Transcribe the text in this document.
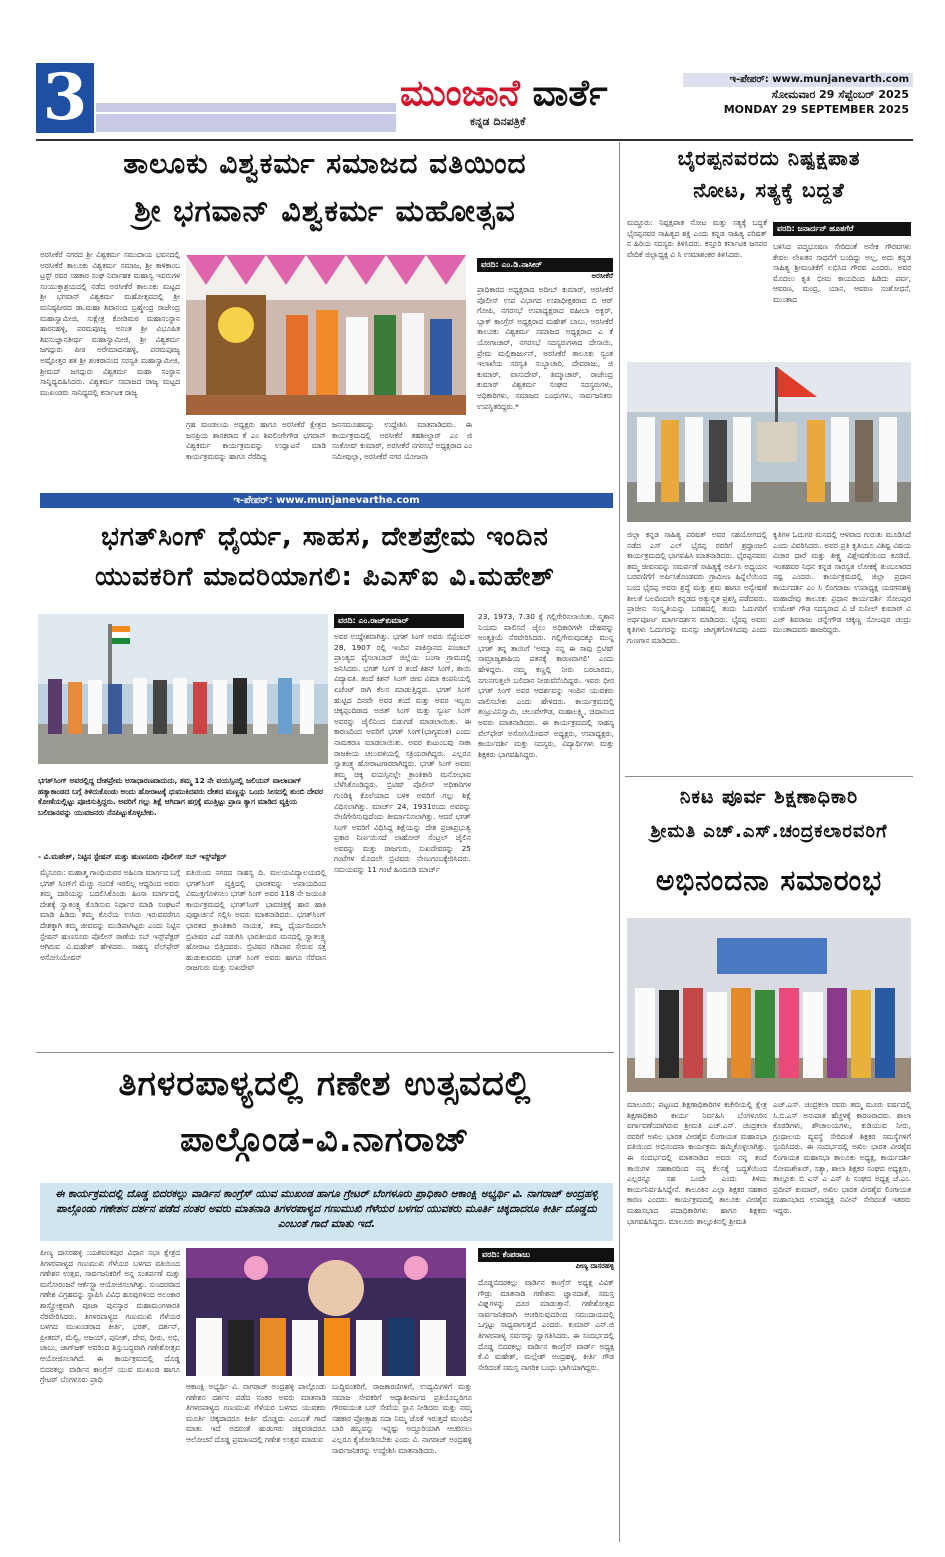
3	ಮುಂಜಾನೆ ವಾರ್ತೆ
ಕನ್ನಡ ದಿನಪತ್ರಿಕೆ
ಇ-ಪೇಪರ್: www.munjanevarth.com
ಸೋಮವಾರ 29 ಸೆಪ್ಟೆಂಬರ್ 2025
MONDAY 29 SEPTEMBER 2025
ತಾಲೂಕು ವಿಶ್ವಕರ್ಮ ಸಮಾಜದ ವತಿಯಿಂದ
ಶ್ರೀ ಭಗವಾನ್ ವಿಶ್ವಕರ್ಮ ಮಹೋತ್ಸವ
ಅರಸೀಕೆರೆ ನಗರದ ಶ್ರೀ ವಿಶ್ವಕರ್ಮ ಸಮುದಾಯ ಭವನದಲ್ಲಿ ಅರಸೀಕೆರೆ ತಾಲೂಕು ವಿಶ್ವಕರ್ಮ ಸಮಾಜ, ಶ್ರೀ ಕಾಳಿಕಾಂಬ ಟ್ರಸ್ಟ್ ರವರ ಸಹಕಾರ ಸಂಘ ನಿರ್ವಾಹಕ ಮಹಾಸ್ವ ಇವರುಗಳ ಸಂಯುಕ್ತಾಶ್ರಯದಲ್ಲಿ ನಡೆದ ಅರಸೀಕೆರೆ ತಾಲೂಕು ಮಟ್ಟದ ಶ್ರೀ ಭಗವಾನ್ ವಿಶ್ವಕರ್ಮ ಮಹೋತ್ಸವದಲ್ಲಿ ಶ್ರೀ ಮನಿಷ್ಠಪೀಠದ ಡಾ.ಮಹಾ ಶಿವಾನಂದ ಬ್ರಹ್ಮೇಂದ್ರ ರಾಜೇಂದ್ರ ಮಹಾಸ್ವಾಮೀಜಿ, ಸುಕ್ಷೇತ್ರ ಕೋಡಿಮಠ ಮಹಾಸಂಸ್ಥಾನ ಹಾರನಹಳ್ಳಿ, ಪರಮಪೂಜ್ಯ ಅನಂತ ಶ್ರೀ ವಿಭೂಷಿತ ಶಿವಸುಜ್ಞಾನತೀರ್ಥ ಮಹಾಸ್ವಾಮೀಜಿ, ಶ್ರೀ ವಿಶ್ವಕರ್ಮ ಜಗದ್ಗುರು ಪೀಠ ಅರೇಮಾದನಹಳ್ಳಿ, ಪರಮಪೂಜ್ಯ ಅಷ್ಟೋತ್ತರ ಶತ ಶ್ರೀ ಶಂಕರಾನಂದ ಸರಸ್ವತಿ ಮಹಾಸ್ವಾಮೀಜಿ, ಶ್ರೀಮದ್ ಜಗದ್ಗುರು ವಿಶ್ವಕರ್ಮ ಮಹಾ ಸಂಸ್ಥಾನ ಸಾನ್ನಿಧ್ಯವಹಿಸಿದರು. ವಿಶ್ವಕರ್ಮ ಸಮಾಜದ ರಾಜ್ಯ ಮಟ್ಟದ ಮುಖಂಡರು ಸಾನಿಧ್ಯದಲ್ಲಿ ಕರ್ನಾಟಕ ರಾಜ್ಯ
ಗ್ರಹ ಮಂಡಲಯ ಅಧ್ಯಕ್ಷರು ಹಾಗೂ ಅರಸೀಕೆರೆ ಕ್ಷೇತ್ರದ ಜನಪ್ರಿಯ ಶಾಸಕರಾದ ಕೆ ಎಂ ಶಿವಲಿಂಗೇಗೌಡ ಭಗವಾನ್ ವಿಶ್ವಕರ್ಮ ಕಾರ್ಯಕ್ರಮವನ್ನು ಉದ್ಘಾಟನೆ ಮಾಡಿ ಕಾರ್ಯಕ್ರಮವನ್ನು ಹಾಗೂ ನೆರೆದಿದ್ದ
ಜನಸಮೂಹವನ್ನು ಉದ್ದೇಶಿಸಿ ಮಾತನಾಡಿದರು. ಈ ಕಾರ್ಯಕ್ರಮದಲ್ಲಿ ಅರಸೀಕೆರೆ ತಹಶೀಲ್ದಾರ್ ಎಂ ಜಿ ಸಂತೋಷ್ ಕುಮಾರ್, ಅರಸೀಕೆರೆ ನಗರಸಭೆ ಅಧ್ಯಕ್ಷರಾದ ಎಂ ಸಮೀವುಲ್ಲಾ, ಅರಸೀಕೆರೆ ನಗರ ಯೋಜನಾ
ವರದಿ: ಎಂ.ಡಿ.ನಾಸೀರ್
ಅರಸೀಕೆರೆ
ಪ್ರಾಧಿಕಾರದ ಅಧ್ಯಕ್ಷರಾದ ಅದೀಬ್ ಕುಮಾರ್, ಅರಸೀಕೆರೆ ಪೊಲೀಸ್ ಉಪ ವಿಭಾಗದ ಉಪಾಧೀಕ್ಷಕರಾದ ಬಿ ಆರ್ ಗೋಪಿ, ನಗರಸಭೆ ಉಪಾಧ್ಯಕ್ಷರಾದ ವಹೀಬಾ ಅಕ್ಬರ್, ಬ್ಲಾಕ್ ಕಾಂಗ್ರೆಸ್ ಅಧ್ಯಕ್ಷರಾದ ಮಹೇಶ್ ಬಾಬು, ಅರಸೀಕೆರೆ ತಾಲೂಕು ವಿಶ್ವಕರ್ಮ ಸಮಾಜದ ಅಧ್ಯಕ್ಷರಾದ ಎ ಕೆ ಯೋಗಾಚಾರ್, ನಗರಸಭೆ ಸದಸ್ಯರುಗಳಾದ ದೇಸಾಯಿ, ಪ್ರೇಮ ಮಲ್ಲಿಕಾರ್ಜುನ್, ಅರಸೀಕೆರೆ ತಾಲೂಕು ಸ್ವಂತ ಇಲಾಖೆಯ ಸರಸ್ವತಿ ಸುಬ್ಬಾಚಾರಿ, ದೇವರಾಜು, ಜಿ ಕುಮಾರ್, ವಾಸುದೇವ್, ತಿಮ್ಮಾಚಾರ್, ರಾಜೇಂದ್ರ ಕುಮಾರ್ ವಿಶ್ವಕರ್ಮ ಸಂಘದ ಸದಸ್ಯರುಗಳು, ಅಧಿಕಾರಿಗಳು, ಸಮಾಜದ ಬಂಧುಗಳು, ಸಾರ್ವಜನಿಕರು ಉಪಸ್ಥಿತರಿದ್ದರು.*
ಇ-ಪೇಪರ್: www.munjanevarthe.com
ಭಗತ್‌ಸಿಂಗ್ ಧೈರ್ಯ, ಸಾಹಸ, ದೇಶಪ್ರೇಮ ಇಂದಿನ
ಯುವಕರಿಗೆ ಮಾದರಿಯಾಗಲಿ: ಪಿಎಸ್ಐ ವಿ.ಮಹೇಶ್
ಭಗತ್‌ಸಿಂಗ್ ಅವರಲ್ಲಿದ್ದ ದೇಶಪ್ರೇಮ ಅಸಾಧಾರಣವಾದುದು, ತಮ್ಮ 12 ನೇ ವಯಸ್ಸಿನಲ್ಲಿ ಜಲಿಯನ್ ವಾಲಾಬಾಗ್ ಹತ್ಯಾಕಾಂಡದ ಬಗ್ಗೆ ತಿಳಿದುಕೊಂಡು ಅಂದು ಹೋರಾಟಕ್ಕೆ ಧುಮುಕಿದವರು ದೇಶದ ಮಣ್ಣನ್ನು ಒಂದು ಸೀಸದಲ್ಲಿ ತುಂಬಿ ದೇವರ ಕೋಣೆಯಲ್ಲಿಟ್ಟು ಪೂಜಿಸುತ್ತಿದ್ದರು. ಅವರಿಗೆ ಗಲ್ಲು ಶಿಕ್ಷೆ ಆಗಿದಾಗ ಹಗ್ಗಕ್ಕೆ ಮುತ್ತಿಟ್ಟು ಪ್ರಾಣ ತ್ಯಾಗ ಮಾಡಿದ ವ್ಯಕ್ತಿಯ ಬಲಿದಾನವನ್ನು ಯುವಜನರು ನೆನಪಿಟ್ಟುಕೊಳ್ಳಬೇಕು.
- ವಿ.ಮಹೇಶ್, ನಿಟ್ಟಿನ ಸ್ಟೇಷನ್ ಮತ್ತು ಹುಣಸೂರು ಪೊಲೀಸ್ ಸಬ್ ಇನ್ಸ್‌ಪೆಕ್ಟರ್
ಮೈಸೂರು: ಮಹಾತ್ಮ ಗಾಂಧಿಯವರ ಅಹಿಂಸಾ ಮಾರ್ಗದ ಬಗ್ಗೆ ಭಗತ್ ಸಿಂಗ್‌ಗೆ ಮೆಚ್ಚು ನಂಬಿಕೆ ಇರಲಿಲ್ಲ ಆದ್ದರಿಂದ ಅವರು ತಮ್ಮ ದಾರಿಯನ್ನು ಬದಲಿಸಿಕೊಂಡು ಹಿಂಸಾ ಮಾರ್ಗದಲ್ಲಿ ದೇಶಕ್ಕೆ ಸ್ವಾತಂತ್ರ್ಯ ಕೊಡಿಸುವ ನಿರ್ಧಾರ ಮಾಡಿ ಸಂಘಟನೆ ಮಾಡಿ ಹಿಡಿದು ತಮ್ಮ ಕೊನೆಯ ಉಸಿರು ಇರುವವರೆಗೂ ದೇಶಕ್ಕಾಗಿ ತಮ್ಮ ಜೀವವನ್ನು ಮುಡಿಪಾಗಿಟ್ಟರು ಎಂದು ನಿಟ್ಟಿನ ಸ್ಟೇಷನ್ ಹುಣಸೂರು ಪೊಲೀಸ್ ಠಾಣೆಯ ಸಬ್ ಇನ್ಸ್‌ಪೆಕ್ಟರ್ ಆಗಿರುವ ವಿ.ಮಹೇಶ್ ಹೇಳಿದರು. ಸಾಹಸ್ಯ ವೆಲ್‌ಫೇರ್ ಅಸೋಸಿಯೇಷನ್
ವತಿಯಿಂದ ನಗರದ ಸಾಹಸ್ಯ ದಿ. ಮಲಯವಿದ್ಯಾಲಯದಲ್ಲಿ ಭಗತ್‌ಸಿಂಗ್ ವ್ಯಕ್ತಿದಲ್ಲಿ ಭಾರತವನ್ನು ಅಪಾಯದಿಂದ ವಿಮುಕ್ತಗೊಳಿಸಲು ಭಗತ್ ಸಿಂಗ್ ಅವರ 118 ನೇ ಜಯಂತಿ ಕಾರ್ಯಕ್ರಮದಲ್ಲಿ ಭಗತ್‌ಸಿಂಗ್ ಭಾವಚಿತ್ರಕ್ಕೆ ಹಾರ ಹಾಕಿ ಪುಷ್ಪಾರ್ಚನೆ ಸಲ್ಲಿಸಿ ಅವರು ಮಾತನಾಡಿದರು. ಭಗತ್‌ಸಿಂಗ್ ಭಾರತದ ಕ್ರಾಂತಿಕಾರಿ ನಾಯಕ, ತಮ್ಮ ಧೈರ್ಯದಿಂದಲೇ ಬ್ರಿಟೀಷರ ಎದೆ ನಡುಗಿಸಿ ಭಾರತೀಯರ ಮನದಲ್ಲಿ ಸ್ವಾತಂತ್ರ್ಯ ಹೋರಾಟ ಬಿತ್ತಿದವರು. ಬ್ರಿಟಿಷರ ಗಡಿಪಾರ ಸೇರುವ ಸತ್ತ ಹುಡುಕುವವರು ಭಗತ್ ಸಿಂಗ್ ಅವರು ಹಾಗೂ ಸೆರೆವಾಸ ರಾಜಗುರು ಮತ್ತು ಸುಖದೇವ್
ವರದಿ: ಎಂ.ರಾಜ್‌ಕುಮಾರ್
ಅವರ ಉದ್ದೇಶವಾಗಿತ್ತು. ಭಗತ್ ಸಿಂಗ್ ಅವರು ಸೆಪ್ಟೆಂಬರ್ 28, 1907 ರಲ್ಲಿ ಇಂದಿನ ಪಾಕಿಸ್ತಾನದ ಪಂಜಾಬ್ ಪ್ರಾಂತ್ಯದ ಫೈಸಲಾಬಾದ್ ಜಿಲ್ಲೆಯ ಬಂಗಾ ಗ್ರಾಮದಲ್ಲಿ ಜನಿಸಿದರು. ಭಗತ್ ಸಿಂಗ್ ರ ತಂದೆ ಕಿಶನ್ ಸಿಂಗ್, ತಾಯಿ ವಿದ್ಯಾವತಿ. ತಂದೆ ಕಿಶನ್ ಸಿಂಗ್ ಜೀವ ವಿಮಾ ಕಂಪನಿಯಲ್ಲಿ ಏಜೆಂಟ್ ರಾಗಿ ಕೆಲಸ ಮಾಡುತ್ತಿದ್ದರು. ಭಗತ್ ಸಿಂಗ್ ಹುಟ್ಟಿದ ದಿನವೇ ಅವರ ತಂದೆ ಮತ್ತು ಅವರ ಇಬ್ಬರು ಚಿಕ್ಕಪ್ಪಂದಿರಾದ ಅಜಿತ್ ಸಿಂಗ್ ಮತ್ತು ಸ್ವರ್ಣ ಸಿಂಗ್ ಅವರನ್ನು ಜೈಲಿನಿಂದ ಬಿಡುಗಡೆ ಮಾಡಲಾಯಿತು. ಈ ಕಾರಣದಿಂದ ಅವರಿಗೆ ಭಗತ್ ಸಿಂಗ್(ಭಾಗ್ಯವಂತ) ಎಂದು ನಾಮಕರಣ ಮಾಡಲಾಯಿತು. ಅವರ ಕುಟುಂಬವು ಸಾಕಾ ರಾಜಕೀಯ ಚಲುವಳಿಯಲ್ಲಿ ಸಕ್ರಿಯರಾಗಿದ್ದರು. ಎಲ್ಲರೂ ಸ್ವಾತಂತ್ರ್ಯ ಹೋರಾಟಗಾರರಾಗಿದ್ದರು. ಭಗತ್ ಸಿಂಗ್ ಅವರು ತಮ್ಮ ಚಿಕ್ಕ ವಯಸ್ಸಿನಲ್ಲೇ ಕ್ರಾಂತಿಕಾರಿ ಮನೋಭಾವ ಬೆಳೆಸಿಕೊಂಡಿದ್ದರು. ಬ್ರಿಟಿಷ್ ಪೊಲೀಸ್ ಅಧಿಕಾರಿಗಳ ಗುಂಡಿಕ್ಕಿ ಕೊಲೆಯಾದ ಬಳಿಕ ಅವರಿಗೆ ಗಲ್ಲು ಶಿಕ್ಷೆ ವಿಧಿಸಲಾಗಿತ್ತು. ಮಾರ್ಚ್ 24, 1931ರಂದು ಅವರನ್ನು ನೇಣಿಗೇರಿಸುವುದೆಂದು ತೀರ್ಮಾನಿಸಲಾಗಿತ್ತು. ಆದರೆ ಭಗತ್ ಸಿಂಗ್ ಅವರಿಗೆ ವಿಧಿಸಿದ್ದ ಶಿಕ್ಷೆಯನ್ನು ದೇಶ ಪ್ರಜಾಪ್ರಭುತ್ವ ಪ್ರಕಾರ ನಿರ್ಣಯಿಸದೆ ಲಾಹೋರ್ ಸೆಂಟ್ರಲ್ ಜೈಲಿನ ಅವರನ್ನು ಮತ್ತು ರಾಜಗುರು, ಸುಖದೇವರನ್ನು 25 ಗಂಟೆಗಳ ಮೊದಲೇ ಬ್ರಿಟಿಷರು ನೇಣುಗಂಬಕ್ಕೇರಿಸಿದರು. ಸಮಯವನ್ನು 11 ಗಂಟೆ ಹಿಂದೂಡಿ ಮಾರ್ಚ್
23, 1973, 7.30 ಕ್ಕೆ ಗಲ್ಲಿಗೇರಿಸಲಾಯಿತು. ಸ್ಮಶಾನ ನಿಯಮ ಪಾಲಿಸದೆ ಜೈಲು ಅಧಿಕಾರಿಗಳೇ ದೇಹವನ್ನು ಅಂತ್ಯಕ್ರಿಯೆ ನೆರವೇರಿಸಿದರು. ಗಲ್ಲಿಗೇರುವುದಕ್ಕೂ ಮುನ್ನ ಭಗತ್ ತನ್ನ ತಾಯಿಗೆ 'ಅಮ್ಮಾ ನನ್ನ ಈ ಸಾವು ಬ್ರಿಟಿಷ್ ಸಾಮ್ರಾಜ್ಯಶಾಹಿಯ ಪತನಕ್ಕೆ ಕಾರಣವಾಗಲಿ' ಎಂದು ಹೇಳಿದ್ದರು. ನಮ್ಮ ಕಣ್ಣಲ್ಲಿ ನೀರು ಬರಬಾರದು, ನಗುನಗುತ್ತಲೇ ಬಲಿದಾನ ನೀಡುವೆನೆಂದಿದ್ದರು. ಇವರು ಧೀರ ಭಗತ್ ಸಿಂಗ್ ಅವರ ಆದರ್ಶವನ್ನು ಇಂದಿನ ಯುವಕರು ಪಾಲಿಸಬೇಕು ಎಂದು ಹೇಳಿದರು. ಕಾರ್ಯಕ್ರಮದಲ್ಲಿ ತಂಟ್ರುವಿನಿಸ್ವಾಮಿ, ಚಲುವೇಗೌಡ, ಮಹಾಲಕ್ಷ್ಮಿ, ಚಿದಾನಂದ ಅವರು ಮಾತನಾಡಿದರು. ಈ ಕಾರ್ಯಕ್ರಮದಲ್ಲಿ ಸಾಹಸ್ಯ ವೆಲ್‌ಫೇರ್ ಅಸೋಸಿಯೇಷನ್ ಅಧ್ಯಕ್ಷರು, ಉಪಾಧ್ಯಕ್ಷರು, ಕಾರ್ಯದರ್ಶಿ ಮತ್ತು ಸದಸ್ಯರು, ವಿದ್ಯಾರ್ಥಿಗಳು ಮತ್ತು ಶಿಕ್ಷಕರು ಭಾಗವಹಿಸಿದ್ದರು.
ತಿಗಳರಪಾಳ್ಯದಲ್ಲಿ ಗಣೇಶ ಉತ್ಸವದಲ್ಲಿ
ಪಾಲ್ಗೊಂಡ-ವಿ.ನಾಗರಾಜ್
ಈ ಕಾರ್ಯಕ್ರಮದಲ್ಲಿ ದೊಡ್ಡ ಬಿದರಕಲ್ಲು ವಾರ್ಡಿನ ಕಾಂಗ್ರೆಸ್ ಯುವ ಮುಖಂಡ ಹಾಗೂ ಗ್ರೇಟರ್ ಬೆಂಗಳೂರು ಪ್ರಾಧಿಕಾರಿ ಆಕಾಂಕ್ಷಿ ಅಭ್ಯರ್ಥಿ ವಿ. ನಾಗರಾಜ್ ಅಂದ್ರಹಳ್ಳಿ ಪಾಲ್ಗೊಂಡು ಗಣೇಶನ ದರ್ಶನ ಪಡೆದ ನಂತರ ಅವರು ಮಾತನಾಡಿ ತಿಗಳರಪಾಳ್ಯದ ಗಣುಮುಖಿ ಗೆಳೆಯರ ಬಳಗದ ಯುವಕರು ಮೂರ್ತಿ ಚಿಕ್ಕದಾದರೂ ಕೀರ್ತಿ ದೊಡ್ಡದು ಎಂಬಂತೆ ಗಾದೆ ಮಾತು ಇದೆ.
ಪೀಣ್ಯ ದಾಸರಹಳ್ಳಿ :ಯಶವಂತಪುರ ವಿಧಾನ ಸಭಾ ಕ್ಷೇತ್ರದ ತಿಗಳರಪಾಳ್ಯದ ಗಣುಮುಖಿ ಗೆಳೆಯರ ಬಳಗದ ವತಿಯಿಂದ ಗಣೇಶನ ಉತ್ಸವ, ಸಾರ್ವಜನಿಕರಿಗೆ ಅನ್ನ ಸಂತರ್ಪಣೆ ಮತ್ತು ಮನೋರಂಜನೆ ಆರ್ಕೆಸ್ಟ್ರಾ ಆಯೋಜಿಸಲಾಗಿತ್ತು. ಸುಂದರವಾದ ಗಣೇಶ ವಿಗ್ರಹವನ್ನು ಸ್ಥಾಪಿಸಿ ವಿವಿಧ ಹೂವುಗಳಿಂದ ಅಲಂಕಾರ ಶಾಸ್ತ್ರೋಕ್ತವಾಗಿ ಪೂಜಾ ಪುನಸ್ಕಾರ ಮಹಾಮಂಗಳಾರತಿ ನೆರವೇರಿಸಿದರು. ತಿಗಳರಪಾಳ್ಯದ ಗಣುಮುಖಿ ಗೆಳೆಯರ ಬಳಗದ ಮುಖಂಡರಾದ ಕೀರ್ತಿ, ಭರತ್, ದರ್ಶನ್, ಪ್ರೀತಮ್, ಮೆಲ್ವಿ, ಅಜಯ್, ಪುನೀತ್, ದೇವ, ಧೀರು, ಅಭಿ, ಜಾಬು, ಜಾಗ್‌ಜಕ್‌ ಅವರಿಂದ ಶಿಸ್ತುಬದ್ಧವಾಗಿ ಗಣೇಶೋತ್ಸವ ಆಯೋಜಿಸಲಾಗಿದೆ. ಈ ಕಾರ್ಯಕ್ರಮದಲ್ಲಿ ದೊಡ್ಡ ಬಿದರಕಲ್ಲು ವಾರ್ಡಿನ ಕಾಂಗ್ರೆಸ್ ಯುವ ಮುಖಂಡ ಹಾಗೂ ಗ್ರೇಟರ್ ಬೆಂಗಳೂರು ಪ್ರಾಧಿ
ಆಕಾಂಕ್ಷಿ ಅಭ್ಯರ್ಥಿ ವಿ. ನಾಗರಾಜ್ ಅಂದ್ರಹಳ್ಳಿ ಪಾಲ್ಗೊಂಡು ಗಣೇಶನ ದರ್ಶನ ಪಡೆದ ನಂತರ ಅವರು ಮಾತನಾಡಿ ತಿಗಳರಪಾಳ್ಯದ ಗಣುಮುಖಿ ಗೆಳೆಯರ ಬಳಗದ ಯುವಕರು ಮೂರ್ತಿ ಚಿಕ್ಕದಾದರೂ ಕೀರ್ತಿ ದೊಡ್ಡದು ಎಂಬಂತೆ ಗಾದೆ ಮಾತು ಇದೆ ಅದರಂತೆ ಹುಡುಗರು ಚಿಕ್ಕವರಾದರೂ ಆಲೋಚನೆ ದೊಡ್ಡ ಪ್ರಮಾಣದಲ್ಲಿ ಗಣೇಶ ಉತ್ಸವ ಮಾಡುವ
ಬುದ್ಧಿವಂತರಿಗೆ, ರಾಜಕಾರಣಿಗಳಿಗೆ, ಉದ್ಯಮಿಗಳಿಗೆ ಮತ್ತು ಸಮಾಜ ಸೇವಕರಿಗೆ ಆದ್ಯಾಶೀರ್ವಾದ ಪ್ರತಿಯೊಬ್ಬರಿಗೂ ಗೌರವಯುತ ಬರ್‌ ಸೇವೆಯ ಸ್ಥಾನ ನೀಡಿದರು ಮತ್ತು ನಮ್ಮ ಸಹಕಾರ ಪ್ರೋತ್ಸಾಹ ಸದಾ ನಿಮ್ಮ ಜೊತೆ ಇರುತ್ತದೆ ಮುಂದಿನ ಬಾರಿ ಹಬ್ಬವನ್ನು ಇನ್ನಷ್ಟು ಅದ್ದೂರಿಯಾಗಿ ಆಚರಿಸಲು ಎಲ್ಲರೂ ಕೈಜೋಡಿಸಬೇಕು ಎಂದು ವಿ. ನಾಗರಾಜ್ ಅಂದ್ರಹಳ್ಳಿ ಸಾರ್ವಜನಿಕರನ್ನು ಉದ್ದೇಶಿಸಿ ಮಾತನಾಡಿದರು.
ವರದಿ: ಕೆಂಪರಾಜು
ಪೀಣ್ಯ ದಾಸರಹಳ್ಳಿ
ದೊಡ್ಡಬಿದರಕಲ್ಲು ವಾರ್ಡಿನ ಕಾಂಗ್ರೆಸ್ ಅಧ್ಯಕ್ಷ ವಿವಿಕ್ ಗೌಡ್ರು ಮಾತನಾಡಿ ಗಣೇಶನು ಜ್ಞಾನದಾತೆ, ಸಮಸ್ತ ವಿಘ್ನಗಳನ್ನು ದೂರ ಮಾಡುತ್ತಾನೆ. ಗಣೇಶೋತ್ಸವ ಸಾರ್ವಜನಿಕವಾಗಿ ಆಚರಿಸುವುದರಿಂದ ಸಮುದಾಯದಲ್ಲಿ ಒಗ್ಗಟ್ಟು ಸಾಧ್ಯವಾಗುತ್ತದೆ ಎಂದರು. ಕುಮಾರ್ ಎನ್.ಜಿ ತಿಗಳರಪಾಳ್ಯ ಸರ್ವರನ್ನು ಸ್ವಾಗತಿಸಿದರು. ಈ ಸಂದರ್ಭದಲ್ಲಿ ದೊಡ್ಡ ಬಿದರಕಲ್ಲು ವಾರ್ಡಿನ ಕಾಂಗ್ರೆಸ್ ವಾರ್ಡ್ ಅಧ್ಯಕ್ಷ ಕೆ.ವಿ ಮಹೇಶ್, ಮಲ್ಲೇಶ್ ಅಂದ್ರಹಳ್ಳಿ, ಕೀರ್ತಿ ಗೌಡ ಸೇರಿದಂತೆ ಸಮಸ್ತ ನಾಗರಿಕ ಬಂಧು ಭಾಗಿಯಾಗಿದ್ದರು.
ಬೈರಪ್ಪನವರದು ನಿಷ್ಪಕ್ಷಪಾತ
ನೋಟ, ಸತ್ಯಕ್ಕೆ ಬದ್ದತೆ
ಮದ್ದೂರು: ನಿಷ್ಪಕ್ಷಪಾತ ನೋಟ ಮತ್ತು ಸತ್ಯಕ್ಕೆ ಬದ್ಧತೆ ಭೈರಪ್ಪನವರ ಸಾಹಿತ್ಯದ ಶಕ್ತಿ ಎಂದು ಕನ್ನಡ ಸಾಹಿತ್ಯ ಪರಿಷತ್ ನ ಹಿರಿಯ ಸದಸ್ಯರು ತಿಳಿಸಿದರು. ಕಸ್ತೂರಿ ಕರ್ನಾಟಕ ಜನಪರ ವೇದಿಕೆ ಜಿಲ್ಲಾಧ್ಯಕ್ಷ ವಿ ಸಿ ಉಮಾಶಂಕರ ತಿಳಿಸಿದರು.
ವರದಿ: ಜನಾರ್ದನ್ ಹೂತಗೆರೆ
ಬಳಿಸಿದ ಪದ್ಮಭೂಷಣ ಸೇರಿದಂತೆ ಅನೇಕ ಗೌರವಗಳು ಕೇವಲ ಲೇಖಕನ ಸಾಧನೆಗೆ ಬಂದಿದ್ದು ಅಲ್ಲ, ಅದು ಕನ್ನಡ ಸಾಹಿತ್ಯ ಶ್ರೀಮಂತಿಕೆಗೆ ಲಭಿಸಿದ ಗೌರವ ಎಂದರು. ಅವರ ಮೊದಲು ಕೃತಿ ಭೀಮ ಕಾಯದಿಂದ ಹಿಡಿದು ಪರ್ವ, ಆವರಣ, ಮಂದ್ರ, ಯಾನ, ಆವರಣ ಸಂಶೋಧನೆ, ಮುಂತಾದ
ಜಿಲ್ಲಾ ಕನ್ನಡ ಸಾಹಿತ್ಯ ಪರಿಷತ್ ಅವರ ಸಹಯೋಗದಲ್ಲಿ ನಡೆದ ಎಸ್ ಎಲ್ ಭೈರಪ್ಪ ರವರಿಗೆ ಶ್ರದ್ಧಾಂಜಲಿ ಕಾರ್ಯಕ್ರಮದಲ್ಲಿ ಭಾಗವಹಿಸಿ ಮಾತನಾಡಿದರು. ಭೈರಪ್ಪನವರು ತಮ್ಮ ಜೀವನವನ್ನು ಸಮರ್ಪಣೆ ಸಾಹಿತ್ಯಕ್ಕೆ ಅರ್ಪಿಸಿ ಅಧ್ಯಯನ ಬರವಣಿಗೆಗೆ ಅರ್ಪಿಸಿಕೊಂಡವರು ಗ್ರಾಮೀಣ ಹಿನ್ನೆಲೆಯಿಂದ ಬಂದ ಭೈರಪ್ಪ ಅವರು ಶ್ರದ್ಧೆ ಮತ್ತು ಶ್ರಮ ಹಾಗೂ ಅನ್ವೇಷಣೆ ಶೀಲತೆ ಬಲದಿಂದಲೇ ಕನ್ನಡದ ಅತ್ಯುನ್ನತ ಪ್ರಶಸ್ತಿ ಪಡೆದವರು. ಪ್ರಾಚೀನ ಸಂಸ್ಕೃತಿಯನ್ನು ಬರಹದಲ್ಲಿ ತಂದು ಓದುಗರಿಗೆ ಅರ್ಥಪೂರ್ಣ ಮಾರ್ಗದರ್ಶನ ಮಾಡಿದರು. ಭೈರಪ್ಪ ಅವರು ಕೃತಿಗಳು ಓದುಗರನ್ನು ಮನಸ್ಸು ಜಾಗೃತಗೊಳಿಸಿದವು ಎಂದು ಗುಣಗಾನ ಮಾಡಿದರು.
ಕೃತಿಗಳ ಓದುಗರ ಮನದಲ್ಲಿ ಆಳವಾದ ಗುರುತು ಮೂಡಿಸಿದೆ ಎಂದು ವಿವರಿಸಿದರು. ಅವರ ಪ್ರತಿ ಕೃತಿಯೂ ವಿಶಿಷ್ಟ ವಿಷಯ ವಿಚಾರ ಧಾರೆ ಮತ್ತು ತೀಕ್ಷ್ಣ ವಿಶ್ಲೇಷಣೆಯಿಂದ ಕೂಡಿದೆ. ಇಂತಹವರ ನಿಧನ ಕನ್ನಡ ಸಾರಸ್ವತ ಲೋಕಕ್ಕೆ ತುಂಬಲಾರದ ನಷ್ಟ ಎಂದರು. ಕಾರ್ಯಕ್ರಮದಲ್ಲಿ ಜಿಲ್ಲಾ ಪ್ರಧಾನ ಕಾರ್ಯದರ್ಶಿ ಎಂ ಸಿ ಲಿಂಗರಾಜು ಉಪಾಧ್ಯಕ್ಷ ಯರಗನಹಳ್ಳಿ ಮಹಾದೇವು ತಾಲೂಕು ಪ್ರಧಾನ ಕಾರ್ಯದರ್ಶಿ ಸೋಂಪುರ ಉಮೇಶ್ ಗೌಡ ಸದಸ್ಯರಾದ ವಿ ಜೆ ಸುನೀಲ್ ಕುಮಾರ್ ವಿ ಎಚ್ ಶಿವರಾಜು ಚನ್ನೇಗೌಡ ಚಿಕ್ಕಣ್ಣ ಸೋಂಪುರ ಚಂದ್ರು ಮುಂತಾದವರು ಹಾಜರಿದ್ದರು.
ನಿಕಟ ಪೂರ್ವ ಶಿಕ್ಷಣಾಧಿಕಾರಿ
ಶ್ರೀಮತಿ ಎಚ್.ಎಸ್.ಚಂದ್ರಕಲಾರವರಿಗೆ
ಅಭಿನಂದನಾ ಸಮಾರಂಭ
ಮಾಲೂರು: ಪಟ್ಟಣದ ಶಿಕ್ಷಣಾಧಿಕಾರಿಗಳ ಕಚೇರಿಯಲ್ಲಿ ಕ್ಷೇತ್ರ ಶಿಕ್ಷಣಾಧಿಕಾರಿ ಕಾರ್ಯ ನಿರ್ವಹಿಸಿ ಬೆಂಗಳೂರಿನ ವರ್ಗಾವಣೆಯಾಗಿರುವ ಶ್ರೀಮತಿ ಎಚ್.ಎಸ್. ಚಂದ್ರಕಲಾ ರವರಿಗೆ ಅಖಿಲ ಭಾರತ ವೀರಶೈವ ಲಿಂಗಾಯತ ಮಹಾಸಭಾ ವತಿಯಿಂದ ಅಭಿನಂದನಾ ಕಾರ್ಯಕ್ರಮ ಹಮ್ಮಿಕೊಳ್ಳಲಾಗಿತ್ತು. ಈ ಸಂದರ್ಭದಲ್ಲಿ ಮಾತನಾಡಿದ ಅವರು ನನ್ನ ತಂದೆ ತಾಯಿಗಳ ಸಹಕಾರದಿಂದ ನನ್ನ ಕೆಲಸಕ್ಕೆ ಬದ್ಧತೆಯಿಂದ ಎಲ್ಲರನ್ನೂ ಸಹ ಒಂದೇ ಎಂದು ತಿಳಿದು ಕಾರ್ಯನಿರ್ವಹಿಸಿದ್ದೇನೆ. ತಾಲೂಕಿನ ಎಲ್ಲಾ ಶಿಕ್ಷಕರ ಸಹಕಾರ ಕಾರಣ ಎಂದರು. ಕಾರ್ಯಕ್ರಮದಲ್ಲಿ ತಾಲೂಕು ವೀರಶೈವ ಮಹಾಸಭಾದ ಪದಾಧಿಕಾರಿಗಳು ಹಾಗೂ ಶಿಕ್ಷಕರು ಭಾಗವಹಿಸಿದ್ದರು. ಮಾಲೂರು ತಾಲ್ಲೂಕಿನಲ್ಲಿ ಶ್ರೀಮತಿ
ಎಚ್.ಎಸ್. ಚಂದ್ರಕಲಾ ರವರು ತಮ್ಮ ಮೂರು ವರ್ಷದಲ್ಲಿ ಸಿ.ಬಿ.ಎಸ್ ಅನುಪಾತ ಹೆಚ್ಚಳಕ್ಕೆ ಕಾರಣರಾದರು. ಶಾಲಾ ಕೊಠಡಿಗಳು, ಶೌಚಾಲಯಗಳು, ಕುಡಿಯುವ ನೀರು, ಗ್ರಂಥಾಲಯ ವ್ಯವಸ್ಥೆ ಸೇರಿದಂತೆ ಶಿಕ್ಷಕರ ಸಮಸ್ಯೆಗಳಿಗೆ ಸ್ಪಂದಿಸಿದರು. ಈ ಸಂದರ್ಭದಲ್ಲಿ ಅಖಿಲ ಭಾರತ ವೀರಶೈವ ಲಿಂಗಾಯತ ಮಹಾಸಭಾ ತಾಲೂಕು ಅಧ್ಯಕ್ಷ, ಕಾರ್ಯದರ್ಶಿ ಸೋಮಶೇಖರ್, ಸತ್ಯಾ, ಶಾಲಾ ಶಿಕ್ಷಕರ ಸಂಘದ ಅಧ್ಯಕ್ಷರು, ತಾಲ್ಲೂಕು ಬಿ ಎಸ್ ಎ ಎಸ್ ಪಿ ಸಂಘದ ಅಧ್ಯಕ್ಷ ಜೆ.ಎಂ. ಪ್ರದೀಪ್ ಕುಮಾರ್, ಅಖಿಲ ಭಾರತ ವೀರಶೈವ ಲಿಂಗಾಯತ ಮಹಾಸಭಾದ ಉಪಾಧ್ಯಕ್ಷ ನವೀನ್ ಸೇರಿದಂತೆ ಇತರರು ಇದ್ದರು.
